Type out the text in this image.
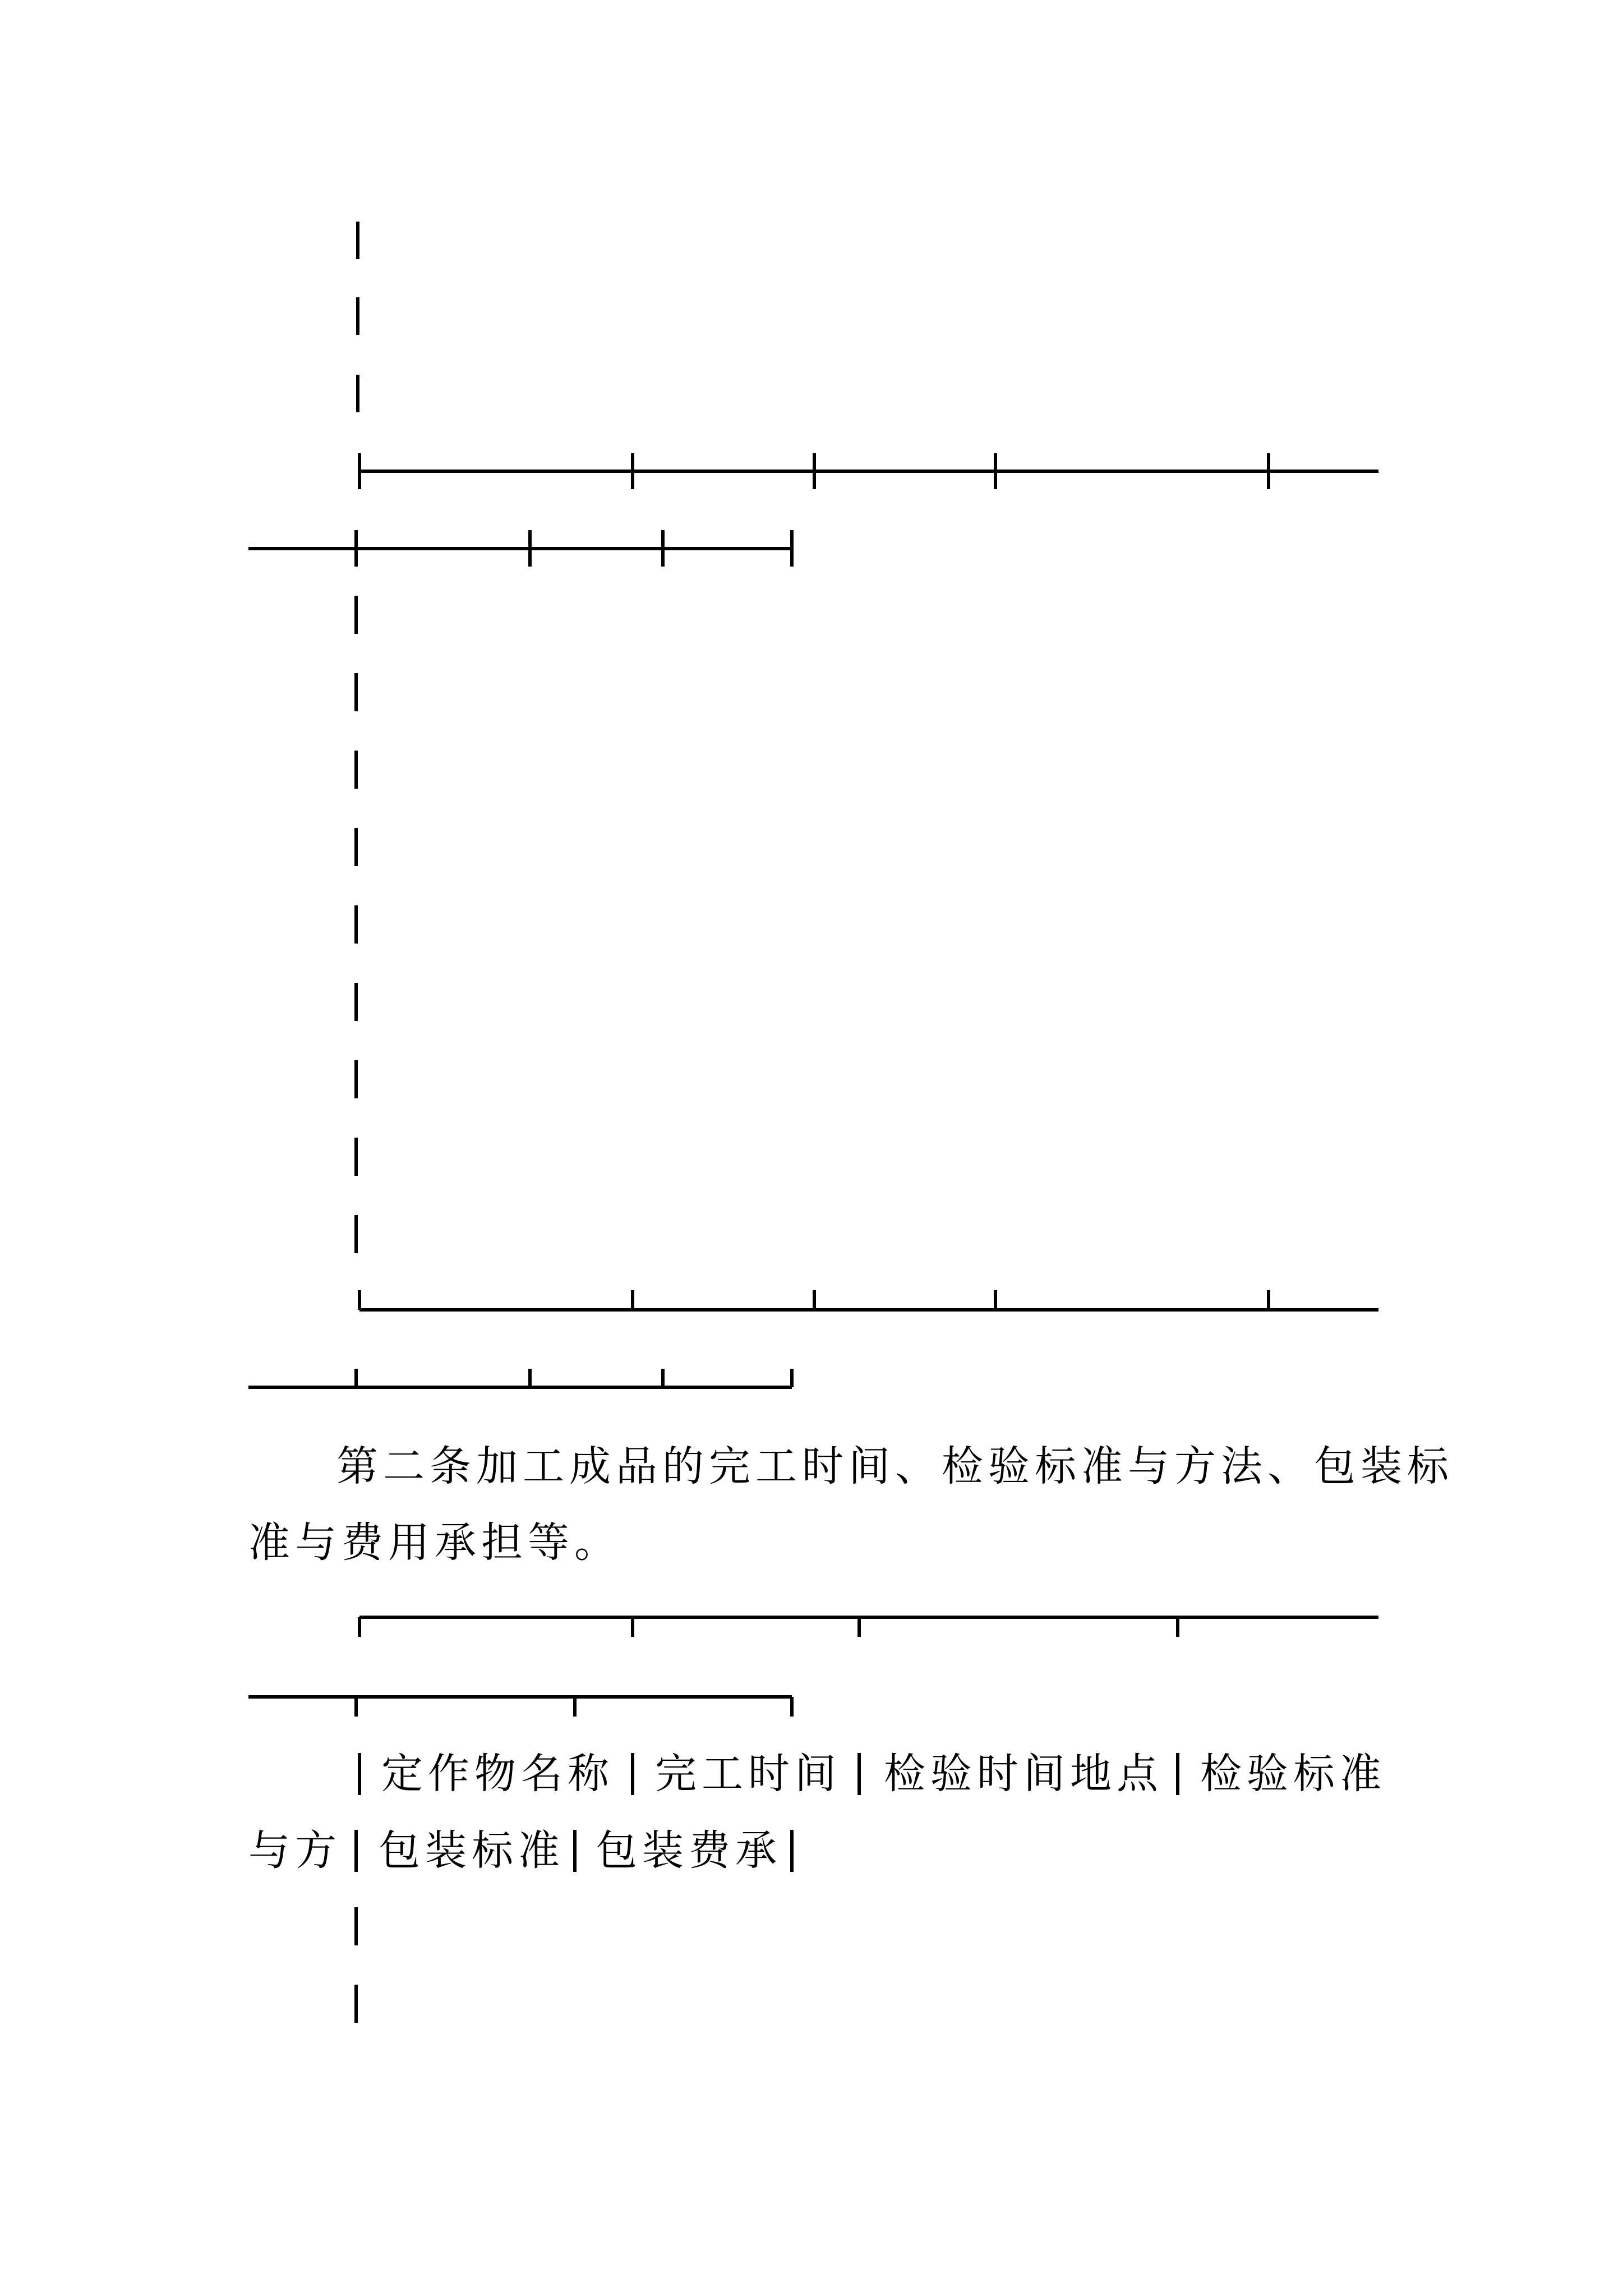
第二条加工成品的完工时间、检验标准与方法、包装标
准与费用承担等。
定作物名称 完工时间 检验时间地点 检验标准
与方 包装标准 包装费承
